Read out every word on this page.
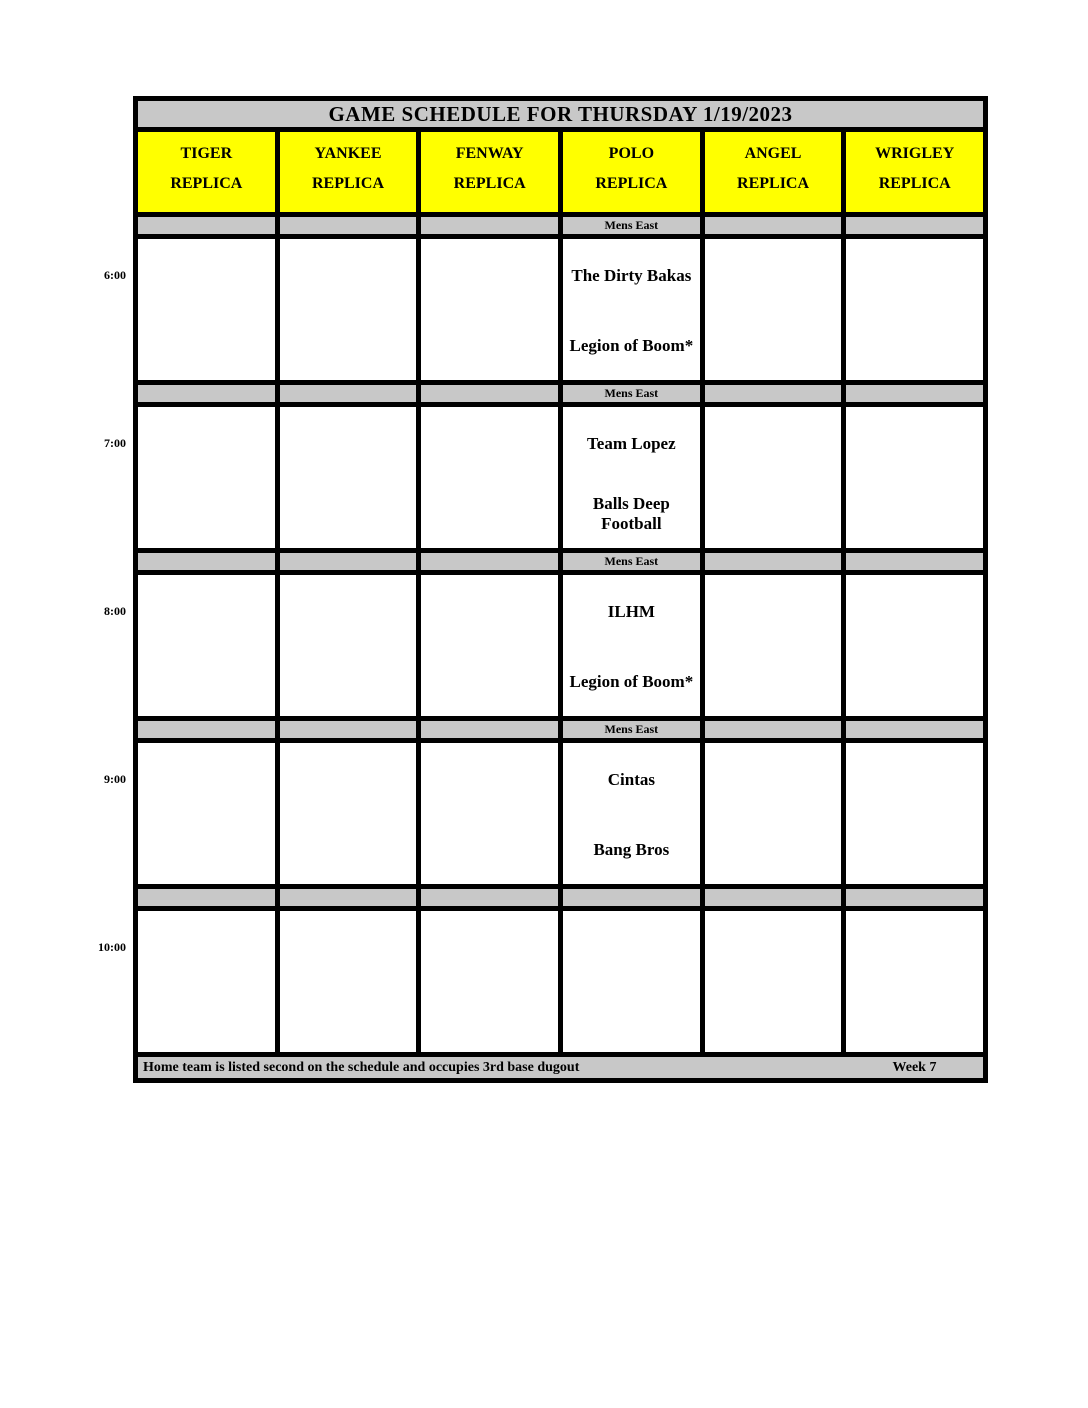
6:00
7:00
8:00
9:00
10:00
GAME SCHEDULE FOR THURSDAY 1/19/2023
TIGER
REPLICA
YANKEE
REPLICA
FENWAY
REPLICA
POLO
REPLICA
ANGEL
REPLICA
WRIGLEY
REPLICA
Mens East
The Dirty Bakas
Legion of Boom*
Mens East
Team Lopez
Balls Deep Football
Mens East
ILHM
Legion of Boom*
Mens East
Cintas
Bang Bros
Home team is listed second on the schedule and occupies 3rd base dugout	Week 7
